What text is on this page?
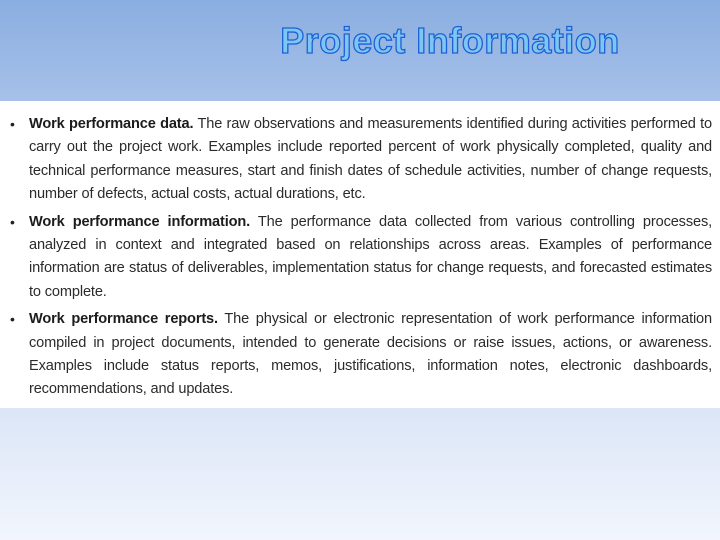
Project Information
• Work performance data. The raw observations and measurements identified during activities performed to carry out the project work. Examples include reported percent of work physically completed, quality and technical performance measures, start and finish dates of schedule activities, number of change requests, number of defects, actual costs, actual durations, etc.
• Work performance information. The performance data collected from various controlling processes, analyzed in context and integrated based on relationships across areas. Examples of performance information are status of deliverables, implementation status for change requests, and forecasted estimates to complete.
• Work performance reports. The physical or electronic representation of work performance information compiled in project documents, intended to generate decisions or raise issues, actions, or awareness. Examples include status reports, memos, justifications, information notes, electronic dashboards, recommendations, and updates.
